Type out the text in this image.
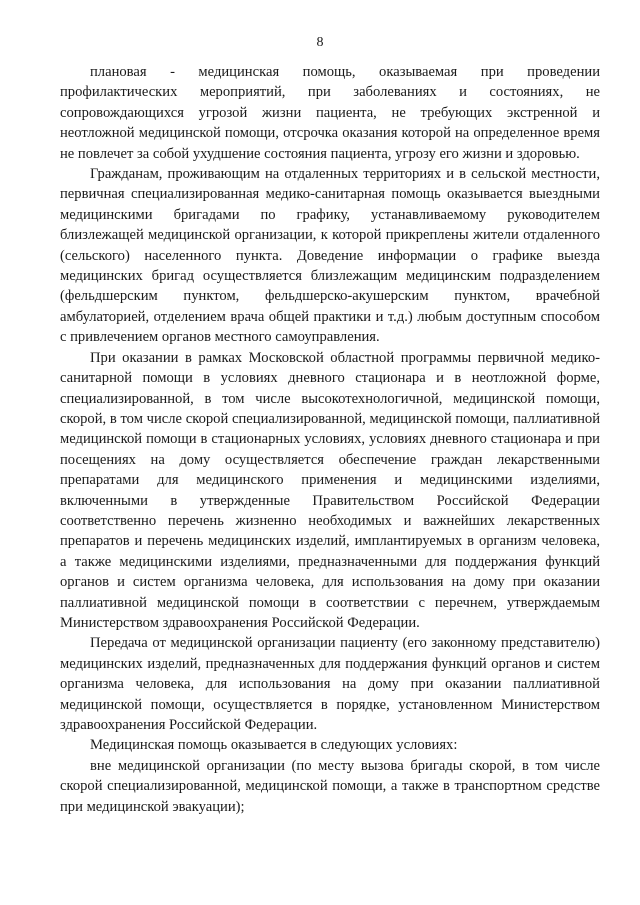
8

плановая - медицинская помощь, оказываемая при проведении профилактических мероприятий, при заболеваниях и состояниях, не сопровождающихся угрозой жизни пациента, не требующих экстренной и неотложной медицинской помощи, отсрочка оказания которой на определенное время не повлечет за собой ухудшение состояния пациента, угрозу его жизни и здоровью.

Гражданам, проживающим на отдаленных территориях и в сельской местности, первичная специализированная медико-санитарная помощь оказывается выездными медицинскими бригадами по графику, устанавливаемому руководителем близлежащей медицинской организации, к которой прикреплены жители отдаленного (сельского) населенного пункта. Доведение информации о графике выезда медицинских бригад осуществляется близлежащим медицинским подразделением (фельдшерским пунктом, фельдшерско-акушерским пунктом, врачебной амбулаторией, отделением врача общей практики и т.д.) любым доступным способом с привлечением органов местного самоуправления.

При оказании в рамках Московской областной программы первичной медико-санитарной помощи в условиях дневного стационара и в неотложной форме, специализированной, в том числе высокотехнологичной, медицинской помощи, скорой, в том числе скорой специализированной, медицинской помощи, паллиативной медицинской помощи в стационарных условиях, условиях дневного стационара и при посещениях на дому осуществляется обеспечение граждан лекарственными препаратами для медицинского применения и медицинскими изделиями, включенными в утвержденные Правительством Российской Федерации соответственно перечень жизненно необходимых и важнейших лекарственных препаратов и перечень медицинских изделий, имплантируемых в организм человека, а также медицинскими изделиями, предназначенными для поддержания функций органов и систем организма человека, для использования на дому при оказании паллиативной медицинской помощи в соответствии с перечнем, утверждаемым Министерством здравоохранения Российской Федерации.

Передача от медицинской организации пациенту (его законному представителю) медицинских изделий, предназначенных для поддержания функций органов и систем организма человека, для использования на дому при оказании паллиативной медицинской помощи, осуществляется в порядке, установленном Министерством здравоохранения Российской Федерации.

Медицинская помощь оказывается в следующих условиях:

вне медицинской организации (по месту вызова бригады скорой, в том числе скорой специализированной, медицинской помощи, а также в транспортном средстве при медицинской эвакуации);
